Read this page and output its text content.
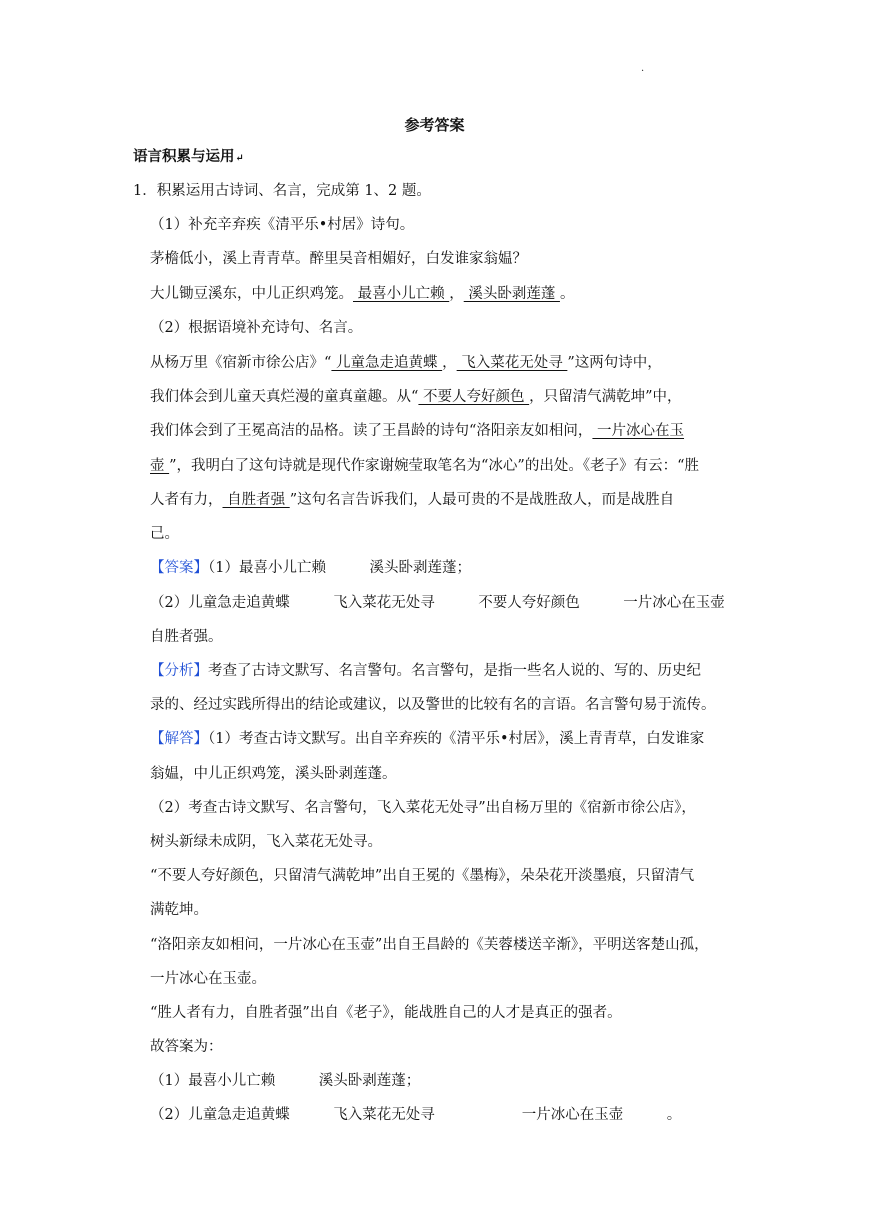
·
参考答案
语言积累与运用↵
1．积累运用古诗词、名言，完成第 1、2 题。
（1）补充辛弃疾《清平乐•村居》诗句。
茅檐低小，溪上青青草。醉里吴音相媚好，白发谁家翁媪？
大儿锄豆溪东，中儿正织鸡笼。 最喜小儿亡赖 ， 溪头卧剥莲蓬 。
（2）根据语境补充诗句、名言。
从杨万里《宿新市徐公店》“ 儿童急走追黄蝶 ， 飞入菜花无处寻 ”这两句诗中，
我们体会到儿童天真烂漫的童真童趣。从“ 不要人夸好颜色 ，只留清气满乾坤”中，
我们体会到了王冕高洁的品格。读了王昌龄的诗句“洛阳亲友如相问， 一片冰心在玉
壶 ”，我明白了这句诗就是现代作家谢婉莹取笔名为“冰心”的出处。《老子》有云：“胜
人者有力， 自胜者强 ”这句名言告诉我们，人最可贵的不是战胜敌人，而是战胜自
己。
【答案】（1）最喜小儿亡赖　　　溪头卧剥莲蓬；
（2）儿童急走追黄蝶　　　飞入菜花无处寻　　　不要人夸好颜色　　　一片冰心在玉壶
自胜者强。
【分析】考查了古诗文默写、名言警句。名言警句，是指一些名人说的、写的、历史纪
录的、经过实践所得出的结论或建议，以及警世的比较有名的言语。名言警句易于流传。
【解答】（1）考查古诗文默写。出自辛弃疾的《清平乐•村居》，溪上青青草，白发谁家
翁媪，中儿正织鸡笼，溪头卧剥莲蓬。
（2）考查古诗文默写、名言警句，飞入菜花无处寻”出自杨万里的《宿新市徐公店》，
树头新绿未成阴，飞入菜花无处寻。
“不要人夸好颜色，只留清气满乾坤”出自王冕的《墨梅》，朵朵花开淡墨痕，只留清气
满乾坤。
“洛阳亲友如相问，一片冰心在玉壶”出自王昌龄的《芙蓉楼送辛渐》，平明送客楚山孤，
一片冰心在玉壶。
“胜人者有力，自胜者强”出自《老子》，能战胜自己的人才是真正的强者。
故答案为：
（1）最喜小儿亡赖　　　溪头卧剥莲蓬；
（2）儿童急走追黄蝶　　　飞入菜花无处寻　　　　　　一片冰心在玉壶　　　。
